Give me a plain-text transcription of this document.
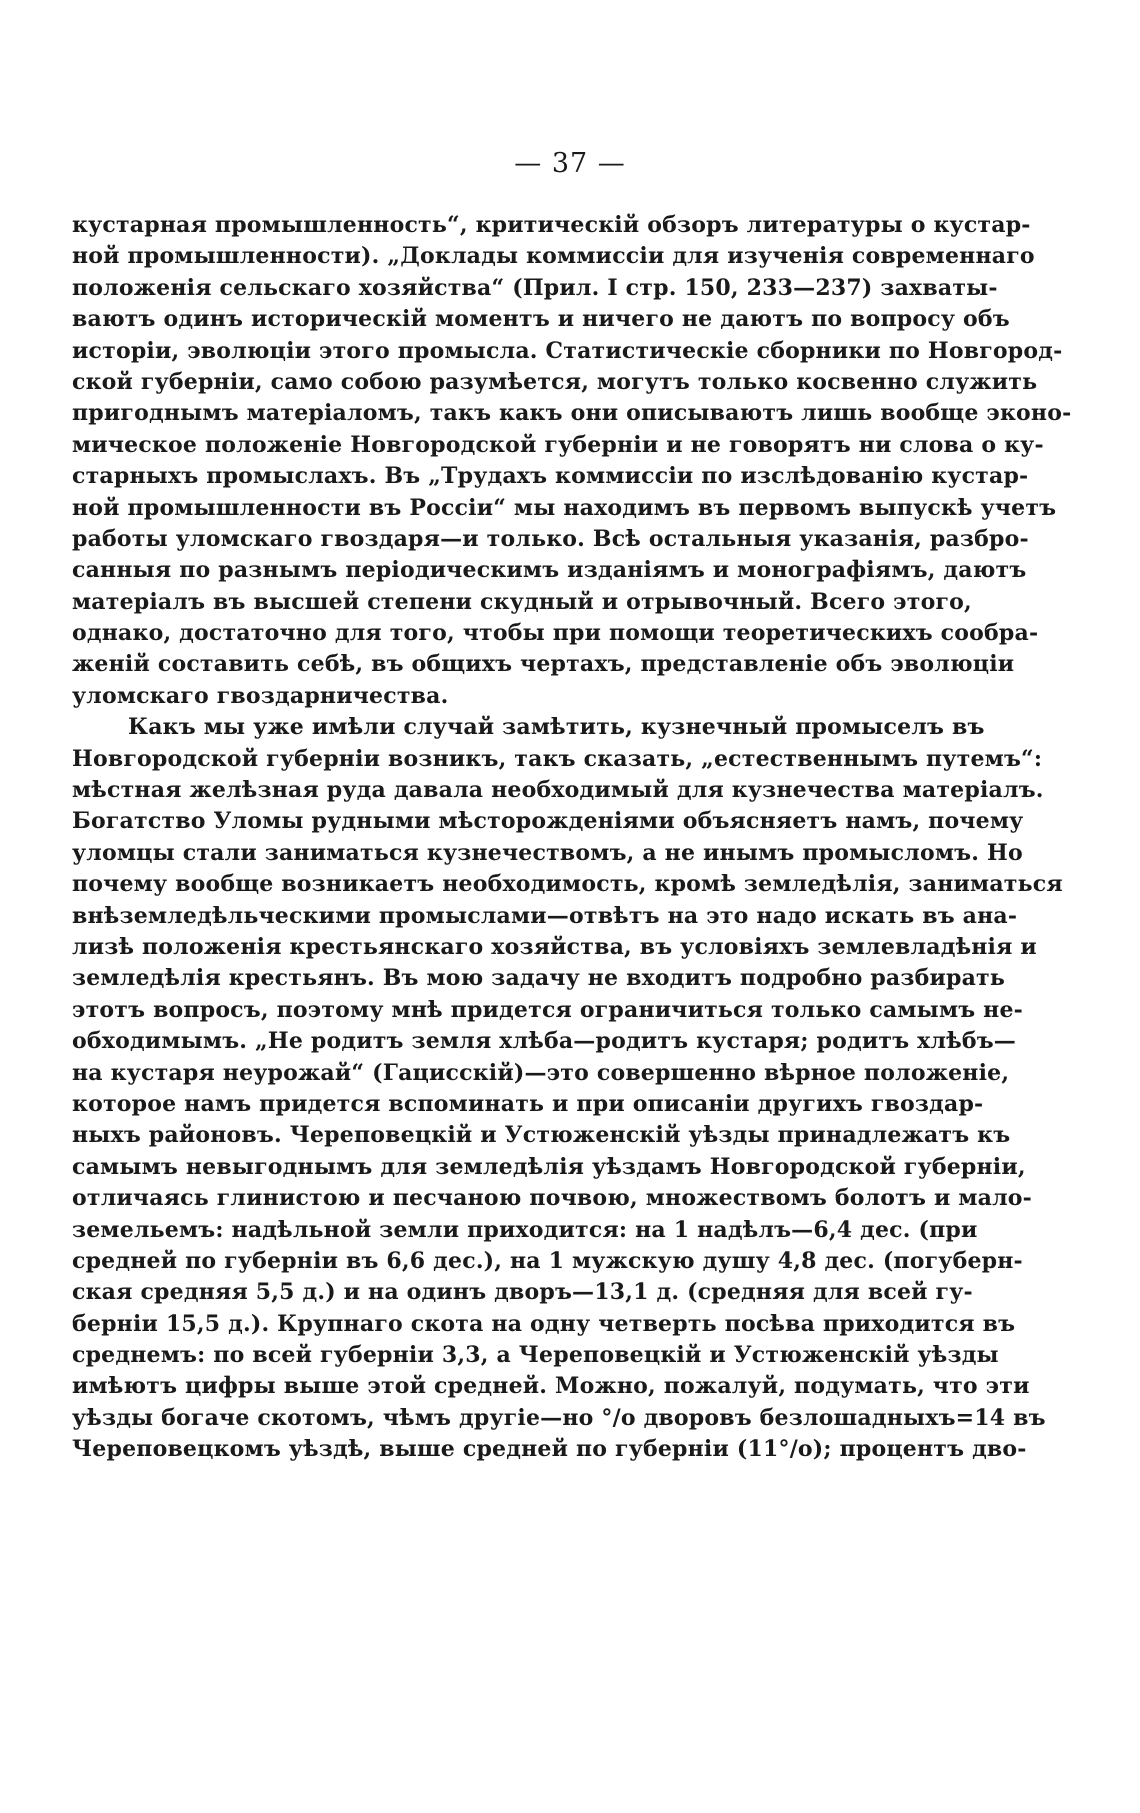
— 37 —
кустарная промышленность“, критическій обзоръ литературы о кустар-
ной промышленности). „Доклады коммиссіи для изученія современнаго
положенія сельскаго хозяйства“ (Прил. I стр. 150, 233—237) захваты-
ваютъ одинъ историческій моментъ и ничего не даютъ по вопросу объ
исторіи, эволюціи этого промысла. Статистическіе сборники по Новгород-
ской губерніи, само собою разумѣется, могутъ только косвенно служить
пригоднымъ матеріаломъ, такъ какъ они описываютъ лишь вообще эконо-
мическое положеніе Новгородской губерніи и не говорятъ ни слова о ку-
старныхъ промыслахъ. Въ „Трудахъ коммиссіи по изслѣдованію кустар-
ной промышленности въ Россіи“ мы находимъ въ первомъ выпускѣ учетъ
работы уломскаго гвоздаря—и только. Всѣ остальныя указанія, разбро-
санныя по разнымъ періодическимъ изданіямъ и монографіямъ, даютъ
матеріалъ въ высшей степени скудный и отрывочный. Всего этого,
однако, достаточно для того, чтобы при помощи теоретическихъ сообра-
женій составить себѣ, въ общихъ чертахъ, представленіе объ эволюціи
уломскаго гвоздарничества.
Какъ мы уже имѣли случай замѣтить, кузнечный промыселъ въ
Новгородской губерніи возникъ, такъ сказать, „естественнымъ путемъ“:
мѣстная желѣзная руда давала необходимый для кузнечества матеріалъ.
Богатство Уломы рудными мѣсторожденіями объясняетъ намъ, почему
уломцы стали заниматься кузнечествомъ, а не инымъ промысломъ. Но
почему вообще возникаетъ необходимость, кромѣ земледѣлія, заниматься
внѣземледѣльческими промыслами—отвѣтъ на это надо искать въ ана-
лизѣ положенія крестьянскаго хозяйства, въ условіяхъ землевладѣнія и
земледѣлія крестьянъ. Въ мою задачу не входитъ подробно разбирать
этотъ вопросъ, поэтому мнѣ придется ограничиться только самымъ не-
обходимымъ. „Не родитъ земля хлѣба—родитъ кустаря; родитъ хлѣбъ—
на кустаря неурожай“ (Гацисскій)—это совершенно вѣрное положеніе,
которое намъ придется вспоминать и при описаніи другихъ гвоздар-
ныхъ районовъ. Череповецкій и Устюженскій уѣзды принадлежатъ къ
самымъ невыгоднымъ для земледѣлія уѣздамъ Новгородской губерніи,
отличаясь глинистою и песчаною почвою, множествомъ болотъ и мало-
земельемъ: надѣльной земли приходится: на 1 надѣлъ—6,4 дес. (при
средней по губерніи въ 6,6 дес.), на 1 мужскую душу 4,8 дес. (погуберн-
ская средняя 5,5 д.) и на одинъ дворъ—13,1 д. (средняя для всей гу-
берніи 15,5 д.). Крупнаго скота на одну четверть посѣва приходится въ
среднемъ: по всей губерніи 3,3, а Череповецкій и Устюженскій уѣзды
имѣютъ цифры выше этой средней. Можно, пожалуй, подумать, что эти
уѣзды богаче скотомъ, чѣмъ другіе—но °/о дворовъ безлошадныхъ=14 въ
Череповецкомъ уѣздѣ, выше средней по губерніи (11°/о); процентъ дво-
